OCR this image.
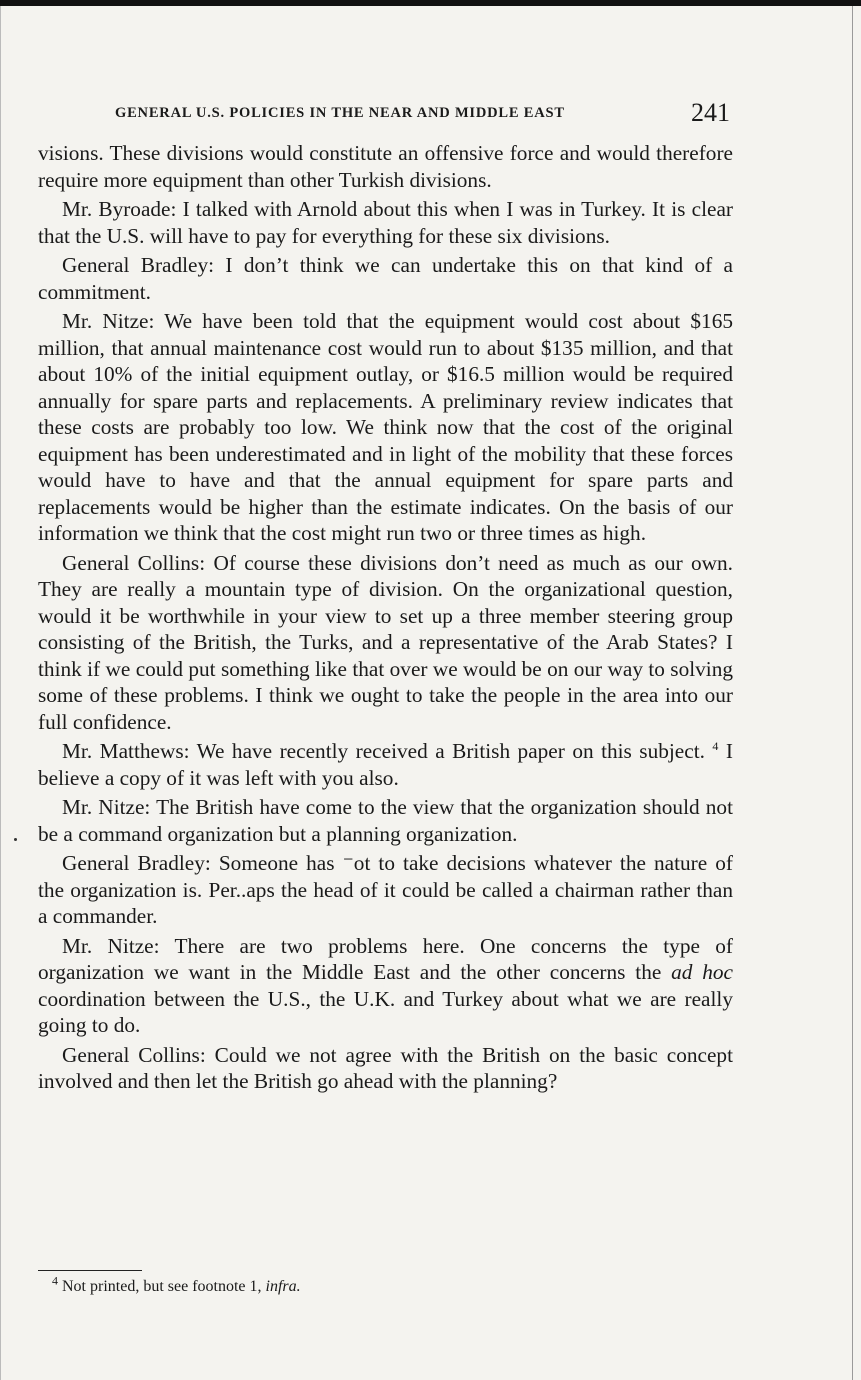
GENERAL U.S. POLICIES IN THE NEAR AND MIDDLE EAST	241

visions. These divisions would constitute an offensive force and would therefore require more equipment than other Turkish divisions.

Mr. Byroade: I talked with Arnold about this when I was in Turkey. It is clear that the U.S. will have to pay for everything for these six divisions.

General Bradley: I don’t think we can undertake this on that kind of a commitment.

Mr. Nitze: We have been told that the equipment would cost about $165 million, that annual maintenance cost would run to about $135 million, and that about 10% of the initial equipment outlay, or $16.5 million would be required annually for spare parts and replacements. A preliminary review indicates that these costs are probably too low. We think now that the cost of the original equipment has been underestimated and in light of the mobility that these forces would have to have and that the annual equipment for spare parts and replacements would be higher than the estimate indicates. On the basis of our information we think that the cost might run two or three times as high.

General Collins: Of course these divisions don’t need as much as our own. They are really a mountain type of division. On the organizational question, would it be worthwhile in your view to set up a three member steering group consisting of the British, the Turks, and a representative of the Arab States? I think if we could put something like that over we would be on our way to solving some of these problems. I think we ought to take the people in the area into our full confidence.

Mr. Matthews: We have recently received a British paper on this subject. $^4$ I believe a copy of it was left with you also.

Mr. Nitze: The British have come to the view that the organization should not be a command organization but a planning organization.

General Bradley: Someone has ⁻ot to take decisions whatever the nature of the organization is. Per..aps the head of it could be called a chairman rather than a commander.

Mr. Nitze: There are two problems here. One concerns the type of organization we want in the Middle East and the other concerns the ad hoc coordination between the U.S., the U.K. and Turkey about what we are really going to do.

General Collins: Could we not agree with the British on the basic concept involved and then let the British go ahead with the planning?

$^4$ Not printed, but see footnote 1, infra.
